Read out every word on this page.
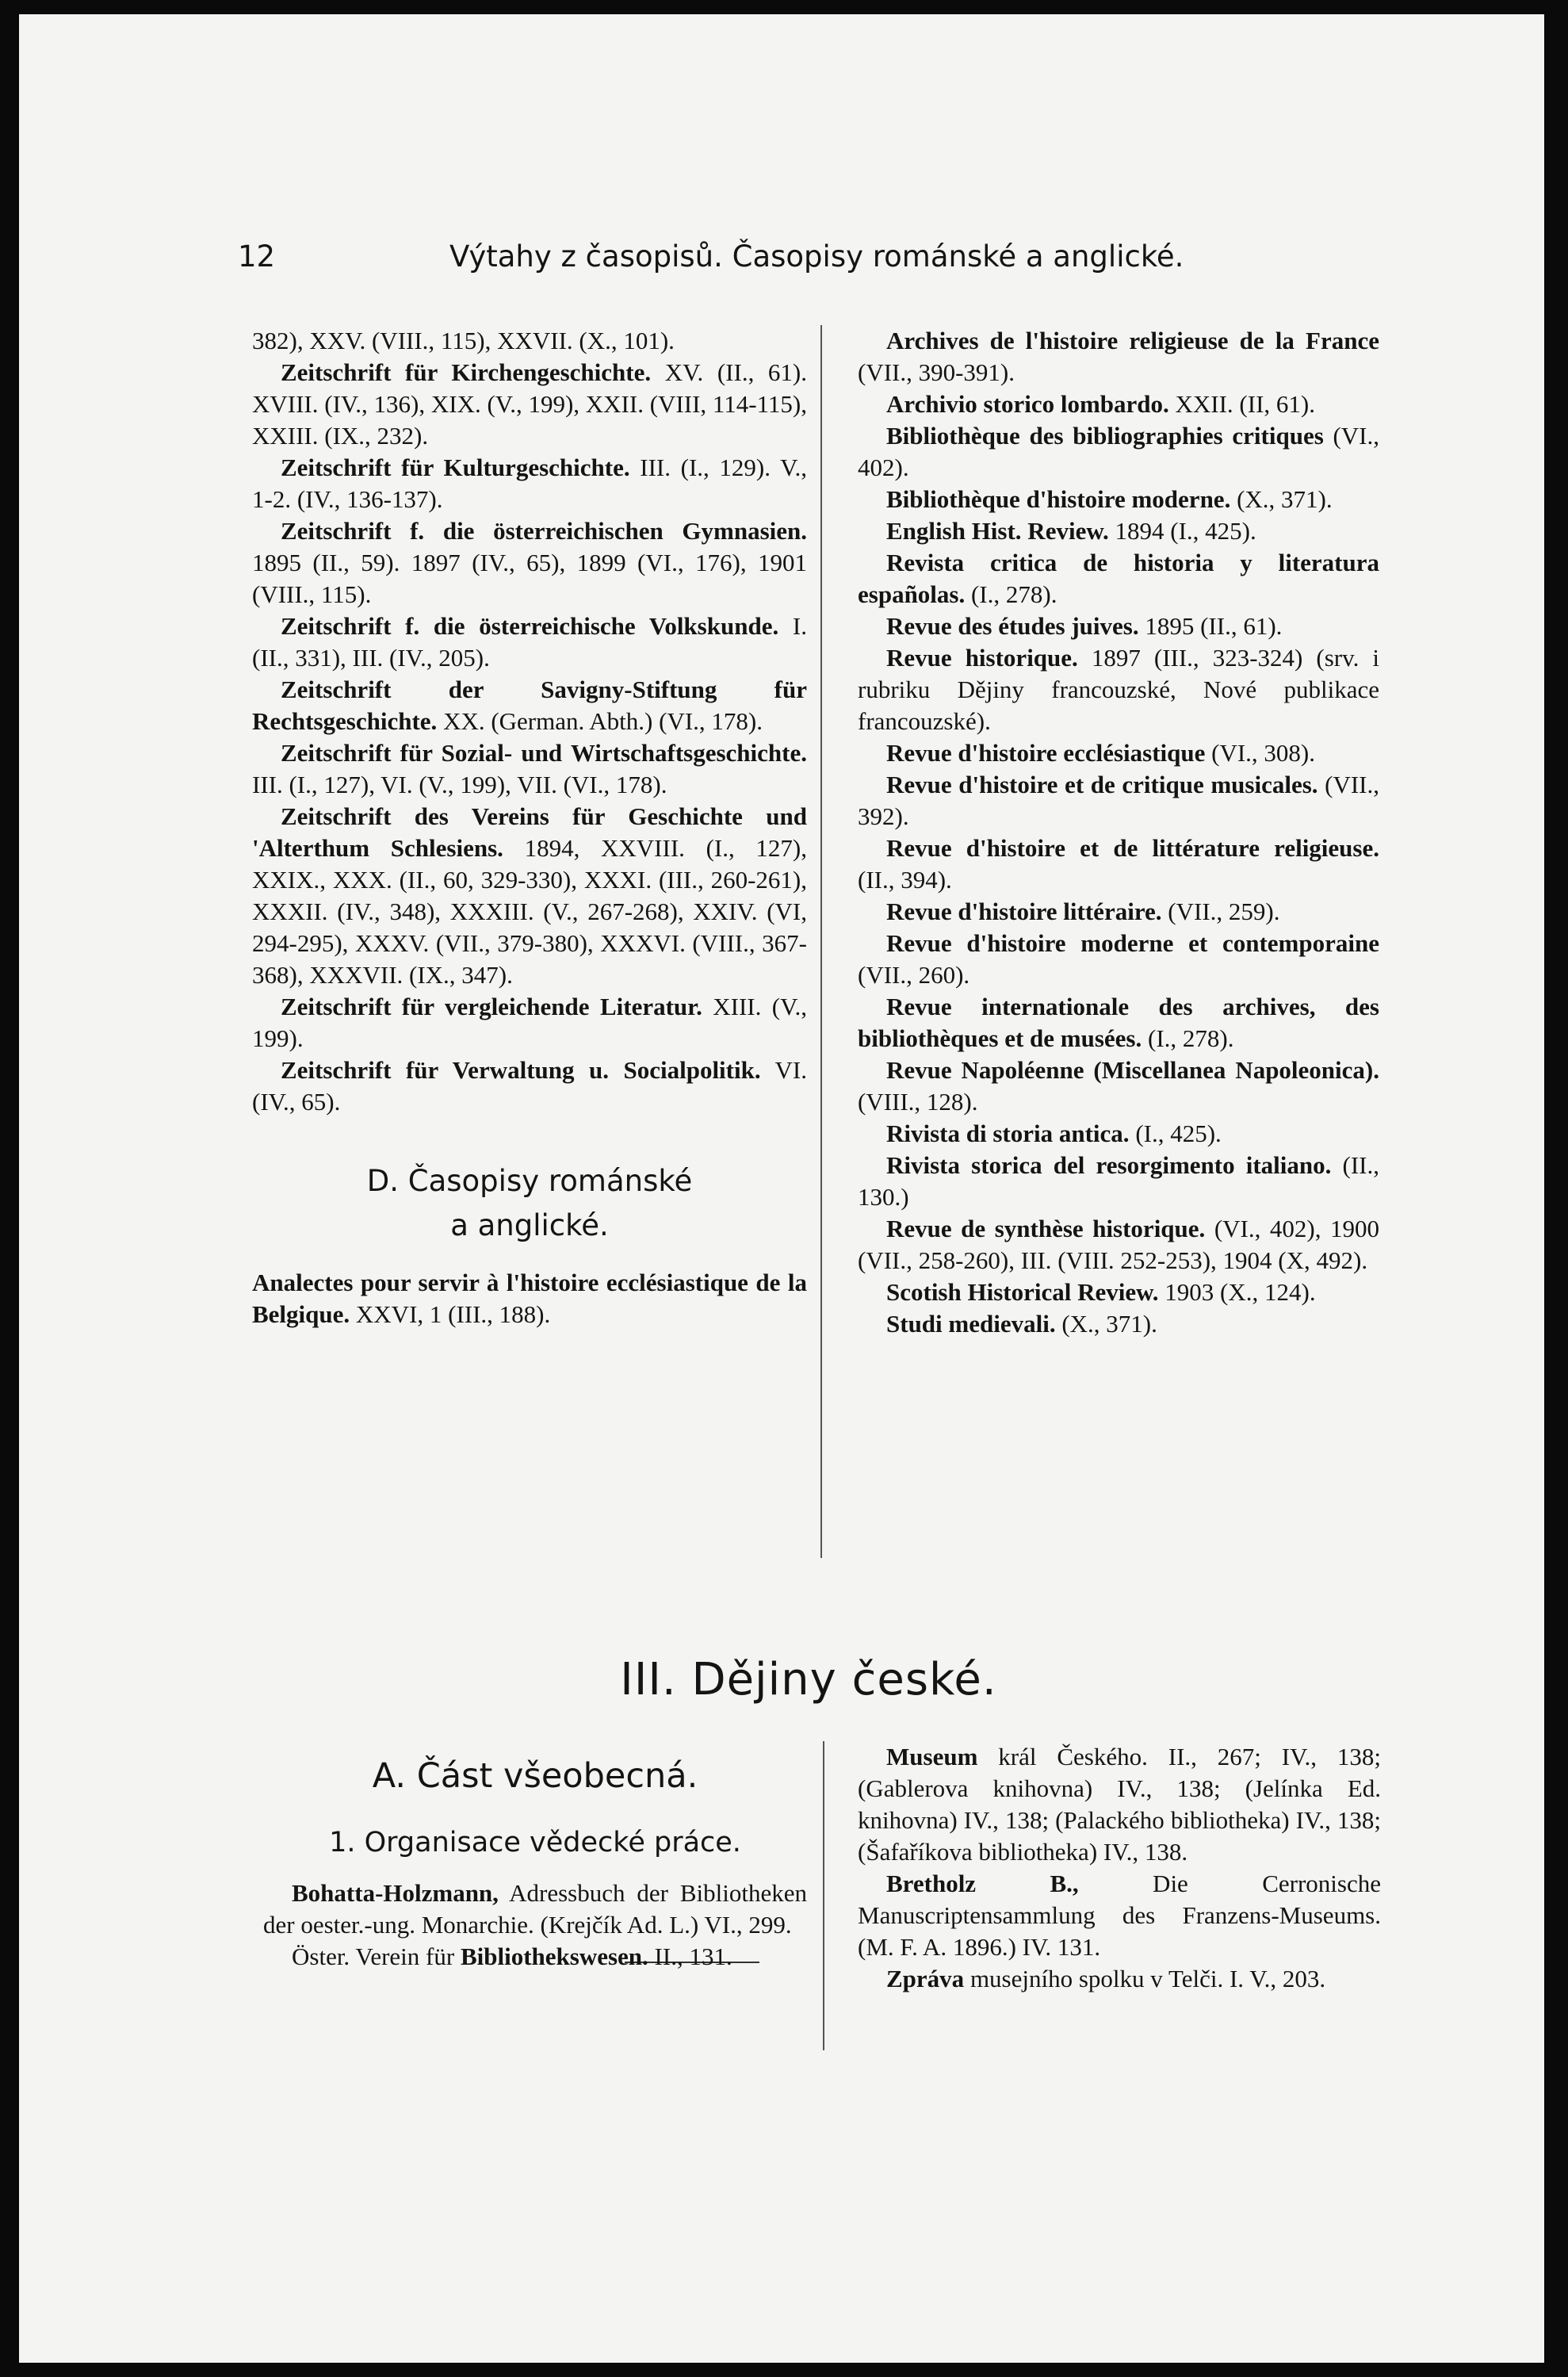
12	Výtahy z časopisů. Časopisy románské a anglické.

382), XXV. (VIII., 115), XXVII. (X., 101).

Zeitschrift für Kirchengeschichte. XV. (II., 61). XVIII. (IV., 136), XIX. (V., 199), XXII. (VIII, 114-115), XXIII. (IX., 232).

Zeitschrift für Kulturgeschichte. III. (I., 129). V., 1-2. (IV., 136-137).

Zeitschrift f. die österreichischen Gymnasien. 1895 (II., 59). 1897 (IV., 65), 1899 (VI., 176), 1901 (VIII., 115).

Zeitschrift f. die österreichische Volkskunde. I. (II., 331), III. (IV., 205).

Zeitschrift der Savigny-Stiftung für Rechtsgeschichte. XX. (German. Abth.) (VI., 178).

Zeitschrift für Sozial- und Wirtschaftsgeschichte. III. (I., 127), VI. (V., 199), VII. (VI., 178).

Zeitschrift des Vereins für Geschichte und 'Alterthum Schlesiens. 1894, XXVIII. (I., 127), XXIX., XXX. (II., 60, 329-330), XXXI. (III., 260-261), XXXII. (IV., 348), XXXIII. (V., 267-268), XXIV. (VI, 294-295), XXXV. (VII., 379-380), XXXVI. (VIII., 367-368), XXXVII. (IX., 347).

Zeitschrift für vergleichende Literatur. XIII. (V., 199).

Zeitschrift für Verwaltung u. Socialpolitik. VI. (IV., 65).

D. Časopisy románské
a anglické.

Analectes pour servir à l'histoire ecclésiastique de la Belgique. XXVI, 1 (III., 188).

Archives de l'histoire religieuse de la France (VII., 390-391).

Archivio storico lombardo. XXII. (II, 61).

Bibliothèque des bibliographies critiques (VI., 402).

Bibliothèque d'histoire moderne. (X., 371).

English Hist. Review. 1894 (I., 425).

Revista critica de historia y literatura españolas. (I., 278).

Revue des études juives. 1895 (II., 61).

Revue historique. 1897 (III., 323-324) (srv. i rubriku Dějiny francouzské, Nové publikace francouzské).

Revue d'histoire ecclésiastique (VI., 308).

Revue d'histoire et de critique musicales. (VII., 392).

Revue d'histoire et de littérature religieuse. (II., 394).

Revue d'histoire littéraire. (VII., 259).

Revue d'histoire moderne et contemporaine (VII., 260).

Revue internationale des archives, des bibliothèques et de musées. (I., 278).

Revue Napoléenne (Miscellanea Napoleonica). (VIII., 128).

Rivista di storia antica. (I., 425).

Rivista storica del resorgimento italiano. (II., 130.)

Revue de synthèse historique. (VI., 402), 1900 (VII., 258-260), III. (VIII. 252-253), 1904 (X, 492).

Scotish Historical Review. 1903 (X., 124).

Studi medievali. (X., 371).

III. Dějiny české.

A. Část všeobecná.

1. Organisace vědecké práce.

Bohatta-Holzmann, Adressbuch der Bibliotheken der oester.-ung. Monarchie. (Krejčík Ad. L.) VI., 299.

Öster. Verein für Bibliothekswesen. II., 131.

Museum král Českého. II., 267; IV., 138; (Gablerova knihovna) IV., 138; (Jelínka Ed. knihovna) IV., 138; (Palackého bibliotheka) IV., 138; (Šafaříkova bibliotheka) IV., 138.

Bretholz B., Die Cerronische Manuscriptensammlung des Franzens-Museums. (M. F. A. 1896.) IV. 131.

Zpráva musejního spolku v Telči. I. V., 203.
